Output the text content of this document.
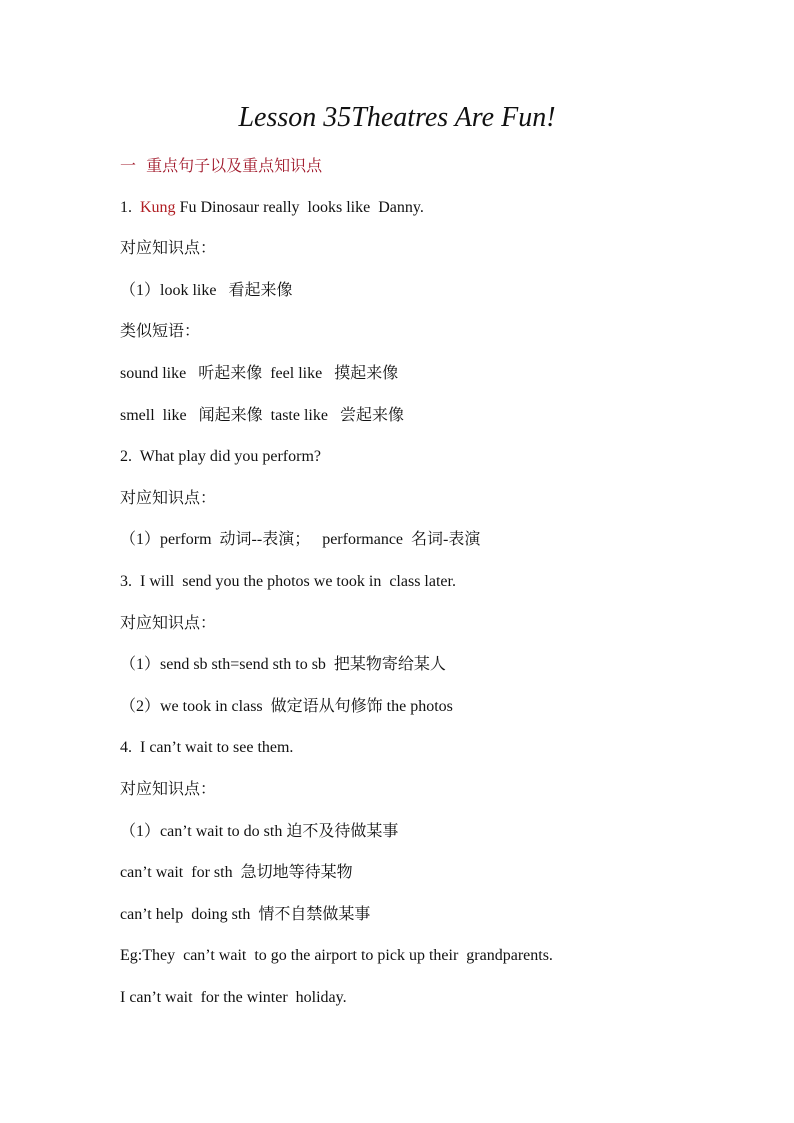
Lesson 35Theatres Are Fun!
一  重点句子以及重点知识点
1.  Kung Fu Dinosaur really  looks like  Danny.
对应知识点：
（1）look like   看起来像
类似短语：
sound like   听起来像  feel like   摸起来像
smell  like   闻起来像  taste like   尝起来像
2.  What play did you perform?
对应知识点：
（1）perform  动词--表演；   performance  名词-表演
3.  I will  send you the photos we took in  class later.
对应知识点：
（1）send sb sth=send sth to sb  把某物寄给某人
（2）we took in class  做定语从句修饰 the photos
4.  I can’t wait to see them.
对应知识点：
（1）can’t wait to do sth 迫不及待做某事
can’t wait  for sth  急切地等待某物
can’t help  doing sth  情不自禁做某事
Eg:They  can’t wait  to go the airport to pick up their  grandparents.
I can’t wait  for the winter  holiday.
